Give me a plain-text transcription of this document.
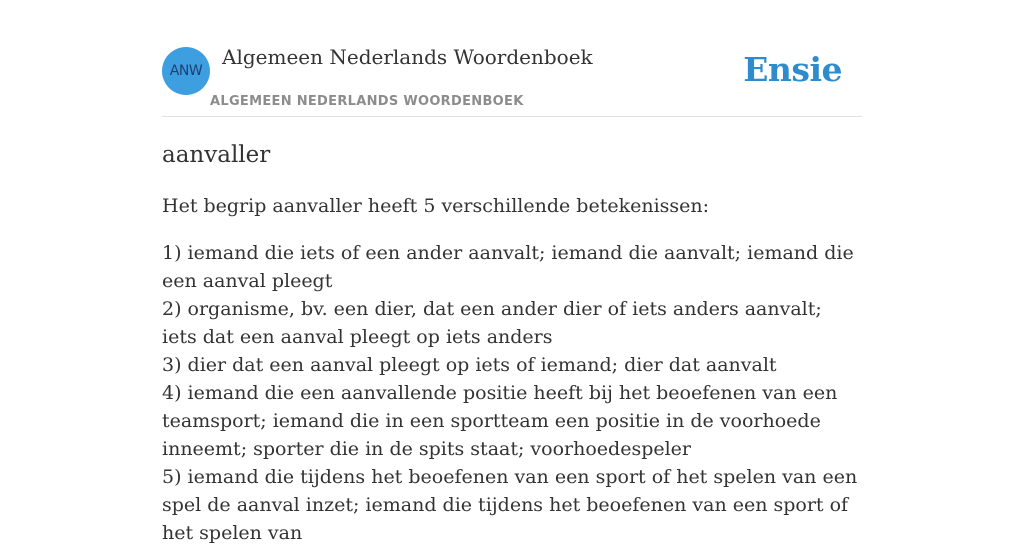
ANW
Algemeen Nederlands Woordenboek
ALGEMEEN NEDERLANDS WOORDENBOEK
Ensie
aanvaller

Het begrip aanvaller heeft 5 verschillende betekenissen:

1) iemand die iets of een ander aanvalt; iemand die aanvalt; iemand die een aanval pleegt
2) organisme, bv. een dier, dat een ander dier of iets anders aanvalt; iets dat een aanval pleegt op iets anders
3) dier dat een aanval pleegt op iets of iemand; dier dat aanvalt
4) iemand die een aanvallende positie heeft bij het beoefenen van een teamsport; iemand die in een sportteam een positie in de voorhoede inneemt; sporter die in de spits staat; voorhoedespeler
5) iemand die tijdens het beoefenen van een sport of het spelen van een spel de aanval inzet; iemand die tijdens het beoefenen van een sport of het spelen van
